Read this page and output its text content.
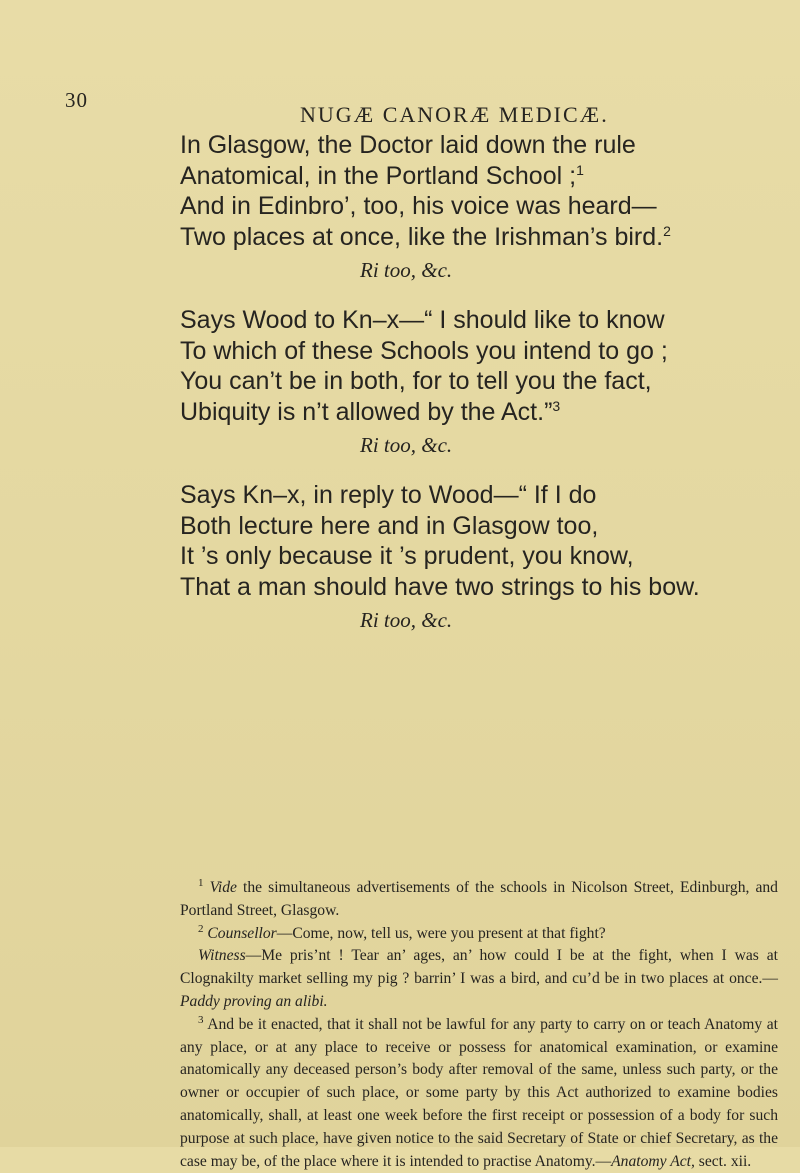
30
NUGÆ CANORÆ MEDICÆ.
In Glasgow, the Doctor laid down the rule
Anatomical, in the Portland School ;$^1$
And in Edinbro’, too, his voice was heard—
Two places at once, like the Irishman’s bird.$^2$
Ri too, &c.
Says Wood to Kn–x—“ I should like to know
To which of these Schools you intend to go ;
You can’t be in both, for to tell you the fact,
Ubiquity is n’t allowed by the Act.”$^3$
Ri too, &c.
Says Kn–x, in reply to Wood—“ If I do
Both lecture here and in Glasgow too,
It ’s only because it ’s prudent, you know,
That a man should have two strings to his bow.
Ri too, &c.

$^1$ Vide the simultaneous advertisements of the schools in Nicolson Street, Edinburgh, and Portland Street, Glasgow.

$^2$ Counsellor—Come, now, tell us, were you present at that fight?

Witness—Me pris’nt ! Tear an’ ages, an’ how could I be at the fight, when I was at Clognakilty market selling my pig ? barrin’ I was a bird, and cu’d be in two places at once.—Paddy proving an alibi.

$^3$ And be it enacted, that it shall not be lawful for any party to carry on or teach Anatomy at any place, or at any place to receive or possess for anatomical examination, or examine anatomically any deceased person’s body after removal of the same, unless such party, or the owner or occupier of such place, or some party by this Act authorized to examine bodies anatomically, shall, at least one week before the first receipt or possession of a body for such purpose at such place, have given notice to the said Secretary of State or chief Secretary, as the case may be, of the place where it is intended to practise Anatomy.—Anatomy Act, sect. xii.
